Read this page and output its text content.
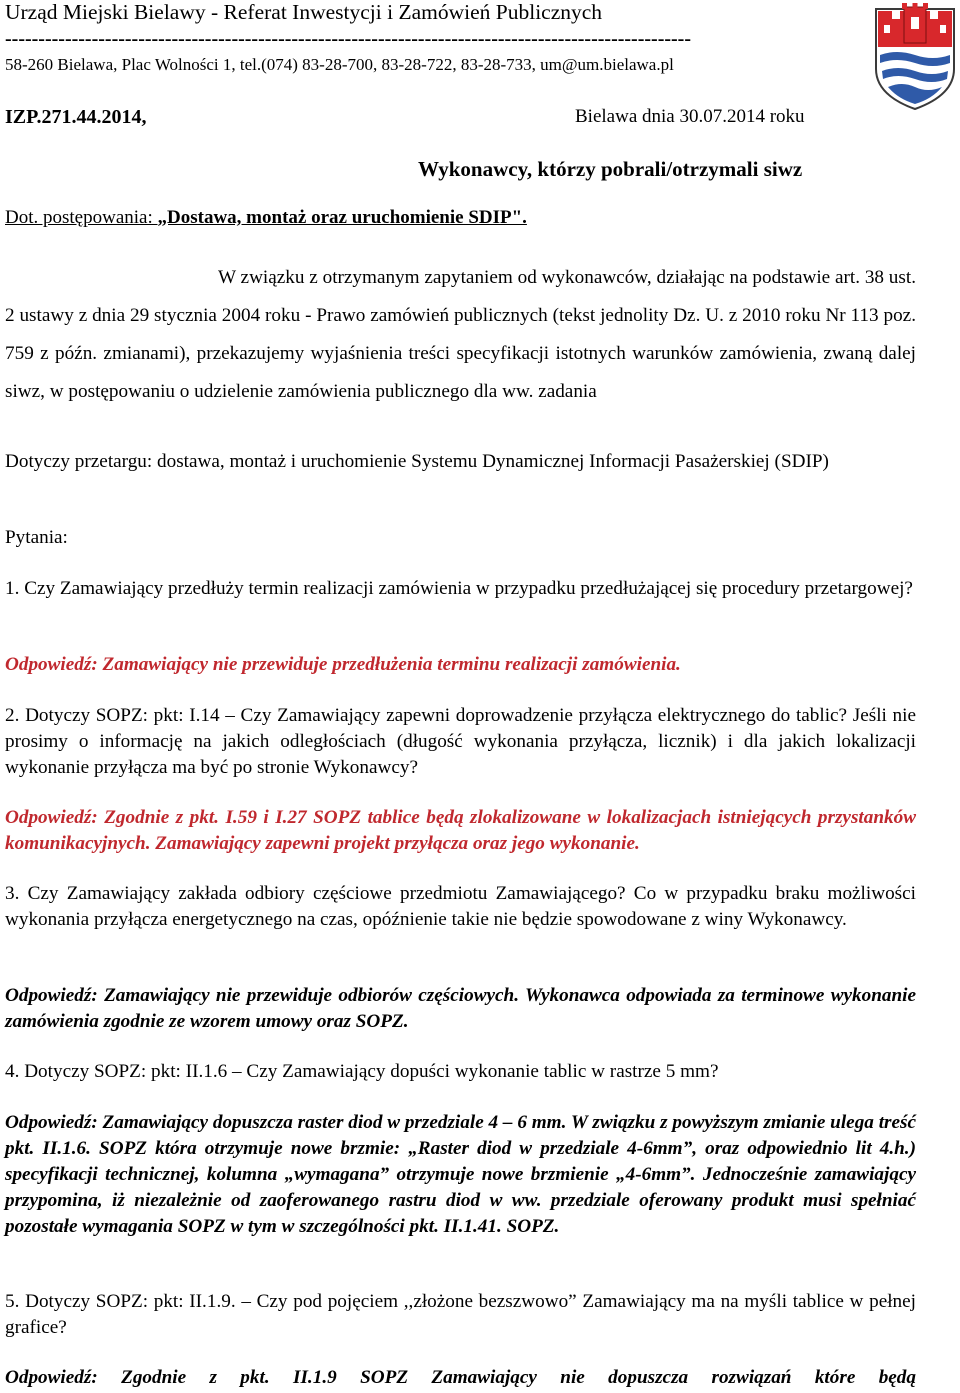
Urząd Miejski Bielawy - Referat Inwestycji i Zamówień Publicznych
-------------------------------------------------------------------------------------------------------
58-260 Bielawa, Plac Wolności 1, tel.(074) 83-28-700, 83-28-722, 83-28-733, um@um.bielawa.pl
IZP.271.44.2014,	Bielawa dnia 30.07.2014 roku
Wykonawcy, którzy pobrali/otrzymali siwz
Dot. postępowania: „Dostawa, montaż oraz uruchomienie SDIP".

W związku z otrzymanym zapytaniem od wykonawców, działając na podstawie art. 38 ust. 2 ustawy z dnia 29 stycznia 2004 roku - Prawo zamówień publicznych (tekst jednolity Dz. U. z 2010 roku Nr 113 poz. 759 z późn. zmianami), przekazujemy wyjaśnienia treści specyfikacji istotnych warunków zamówienia, zwaną dalej siwz, w postępowaniu o udzielenie zamówienia publicznego dla ww. zadania

Dotyczy przetargu: dostawa, montaż i uruchomienie Systemu Dynamicznej Informacji Pasażerskiej (SDIP)

Pytania:

1. Czy Zamawiający przedłuży termin realizacji zamówienia w przypadku przedłużającej się procedury przetargowej?

Odpowiedź: Zamawiający nie przewiduje przedłużenia terminu realizacji zamówienia.

2. Dotyczy SOPZ: pkt: I.14 – Czy Zamawiający zapewni doprowadzenie przyłącza elektrycznego do tablic? Jeśli nie prosimy o informację na jakich odległościach (długość wykonania przyłącza, licznik) i dla jakich lokalizacji wykonanie przyłącza ma być po stronie Wykonawcy?

Odpowiedź: Zgodnie z pkt. I.59 i I.27 SOPZ tablice będą zlokalizowane w lokalizacjach istniejących przystanków komunikacyjnych. Zamawiający zapewni projekt przyłącza oraz jego wykonanie.

3. Czy Zamawiający zakłada odbiory częściowe przedmiotu Zamawiającego? Co w przypadku braku możliwości wykonania przyłącza energetycznego na czas, opóźnienie takie nie będzie spowodowane z winy Wykonawcy.

Odpowiedź: Zamawiający nie przewiduje odbiorów częściowych. Wykonawca odpowiada za terminowe wykonanie zamówienia zgodnie ze wzorem umowy oraz SOPZ.

4. Dotyczy SOPZ: pkt: II.1.6 – Czy Zamawiający dopuści wykonanie tablic w rastrze 5 mm?

Odpowiedź: Zamawiający dopuszcza raster diod w przedziale 4 – 6 mm. W związku z powyższym zmianie ulega treść pkt. II.1.6. SOPZ która otrzymuje nowe brzmie: „Raster diod w przedziale 4-6mm”, oraz odpowiednio lit 4.h.) specyfikacji technicznej, kolumna „wymagana” otrzymuje nowe brzmienie „4-6mm”. Jednocześnie zamawiający przypomina, iż niezależnie od zaoferowanego rastru diod w ww. przedziale oferowany produkt musi spełniać pozostałe wymagania SOPZ w tym w szczególności pkt. II.1.41. SOPZ.

5. Dotyczy SOPZ: pkt: II.1.9. – Czy pod pojęciem ,,złożone bezszwowo” Zamawiający ma na myśli tablice w pełnej grafice?

Odpowiedź: Zgodnie z pkt. II.1.9 SOPZ Zamawiający nie dopuszcza rozwiązań które będą
